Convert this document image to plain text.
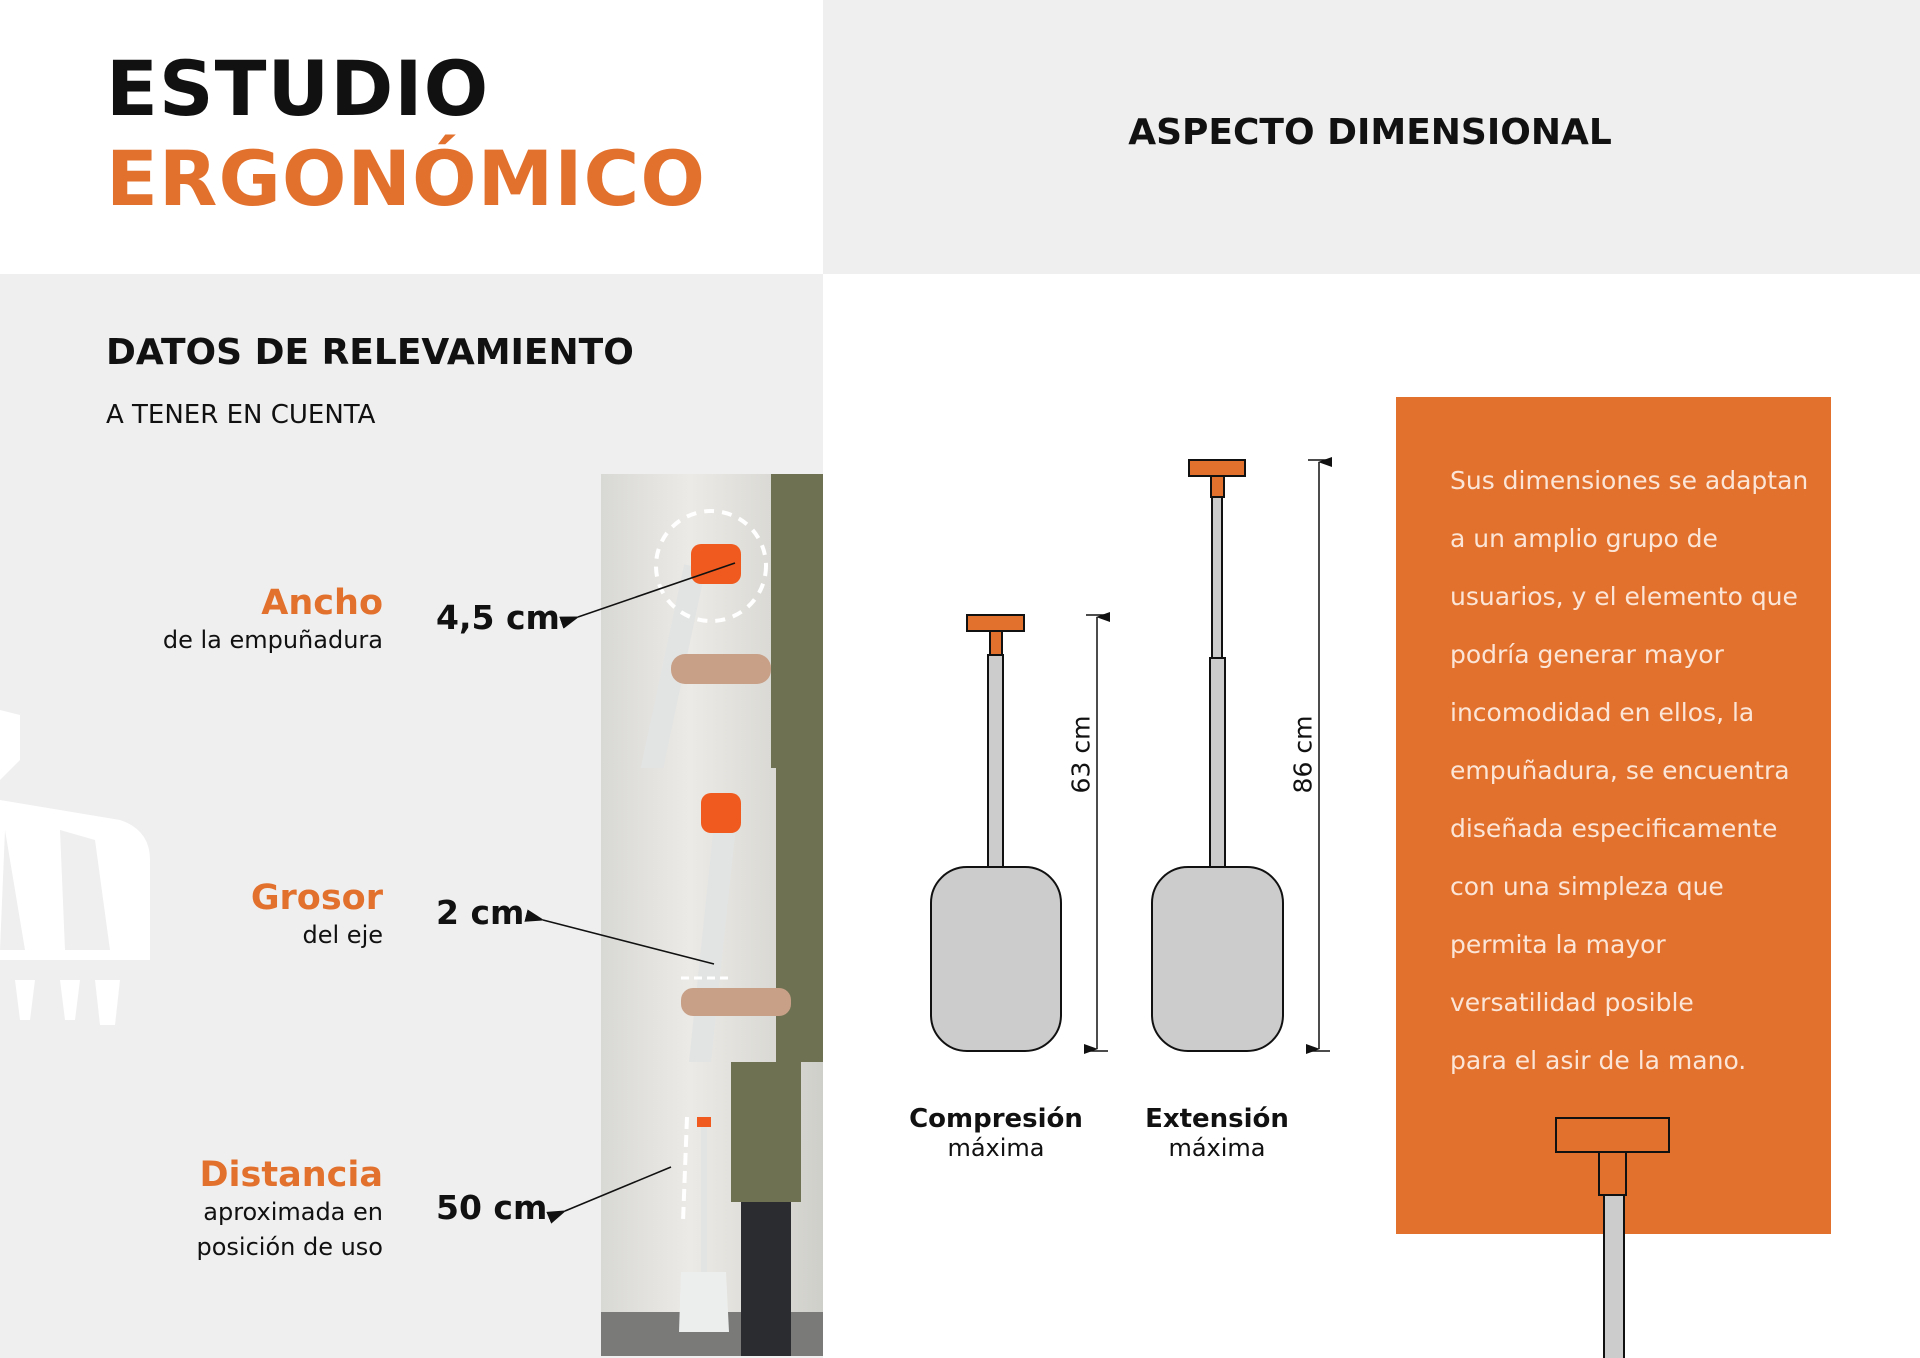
ESTUDIO
ERGONÓMICO
ASPECTO DIMENSIONAL
DATOS DE RELEVAMIENTO
A TENER EN CUENTA
Ancho
de la empuñadura
4,5 cm
Grosor
del eje
2 cm
Distancia
aproximada en
posición de uso
50 cm
63 cm	86 cm
Compresión
máxima
Extensión
máxima
Sus dimensiones se adaptan
a un amplio grupo de
usuarios, y el elemento que
podría generar mayor
incomodidad en ellos, la
empuñadura, se encuentra
diseñada especificamente
con una simpleza que
permita la mayor
versatilidad posible
para el asir de la mano.
